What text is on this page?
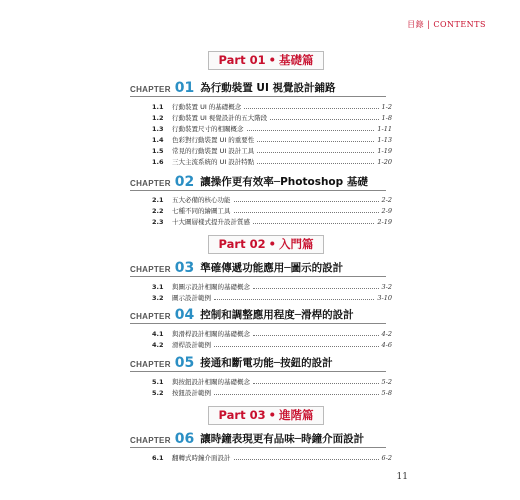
目錄 | CONTENTS
Part 01 • 基礎篇
CHAPTER 01 為行動裝置 UI 視覺設計鋪路
1.1	行動裝置 UI 的基礎概念	1-2
1.2	行動裝置 UI 視覺設計的五大階段	1-8
1.3	行動裝置尺寸的相關概念	1-11
1.4	色彩對行動裝置 UI 的重要性	1-13
1.5	常見的行動裝置 UI 設計工具	1-19
1.6	三大主流系統的 UI 設計特點	1-20
CHAPTER 02 讓操作更有效率─Photoshop 基礎
2.1	五大必備的核心功能	2-2
2.2	七種不同的繪圖工具	2-9
2.3	十大圖層樣式提升設計質感	2-19
Part 02 • 入門篇
CHAPTER 03 準確傳遞功能應用─圖示的設計
3.1	與圖示設計相關的基礎概念	3-2
3.2	圖示設計範例	3-10
CHAPTER 04 控制和調整應用程度─滑桿的設計
4.1	與滑桿設計相關的基礎概念	4-2
4.2	滑桿設計範例	4-6
CHAPTER 05 接通和斷電功能─按鈕的設計
5.1	與按鈕設計相關的基礎概念	5-2
5.2	按鈕設計範例	5-8
Part 03 • 進階篇
CHAPTER 06 讓時鐘表現更有品味─時鐘介面設計
6.1	翻轉式時鐘介面設計	6-2
11
